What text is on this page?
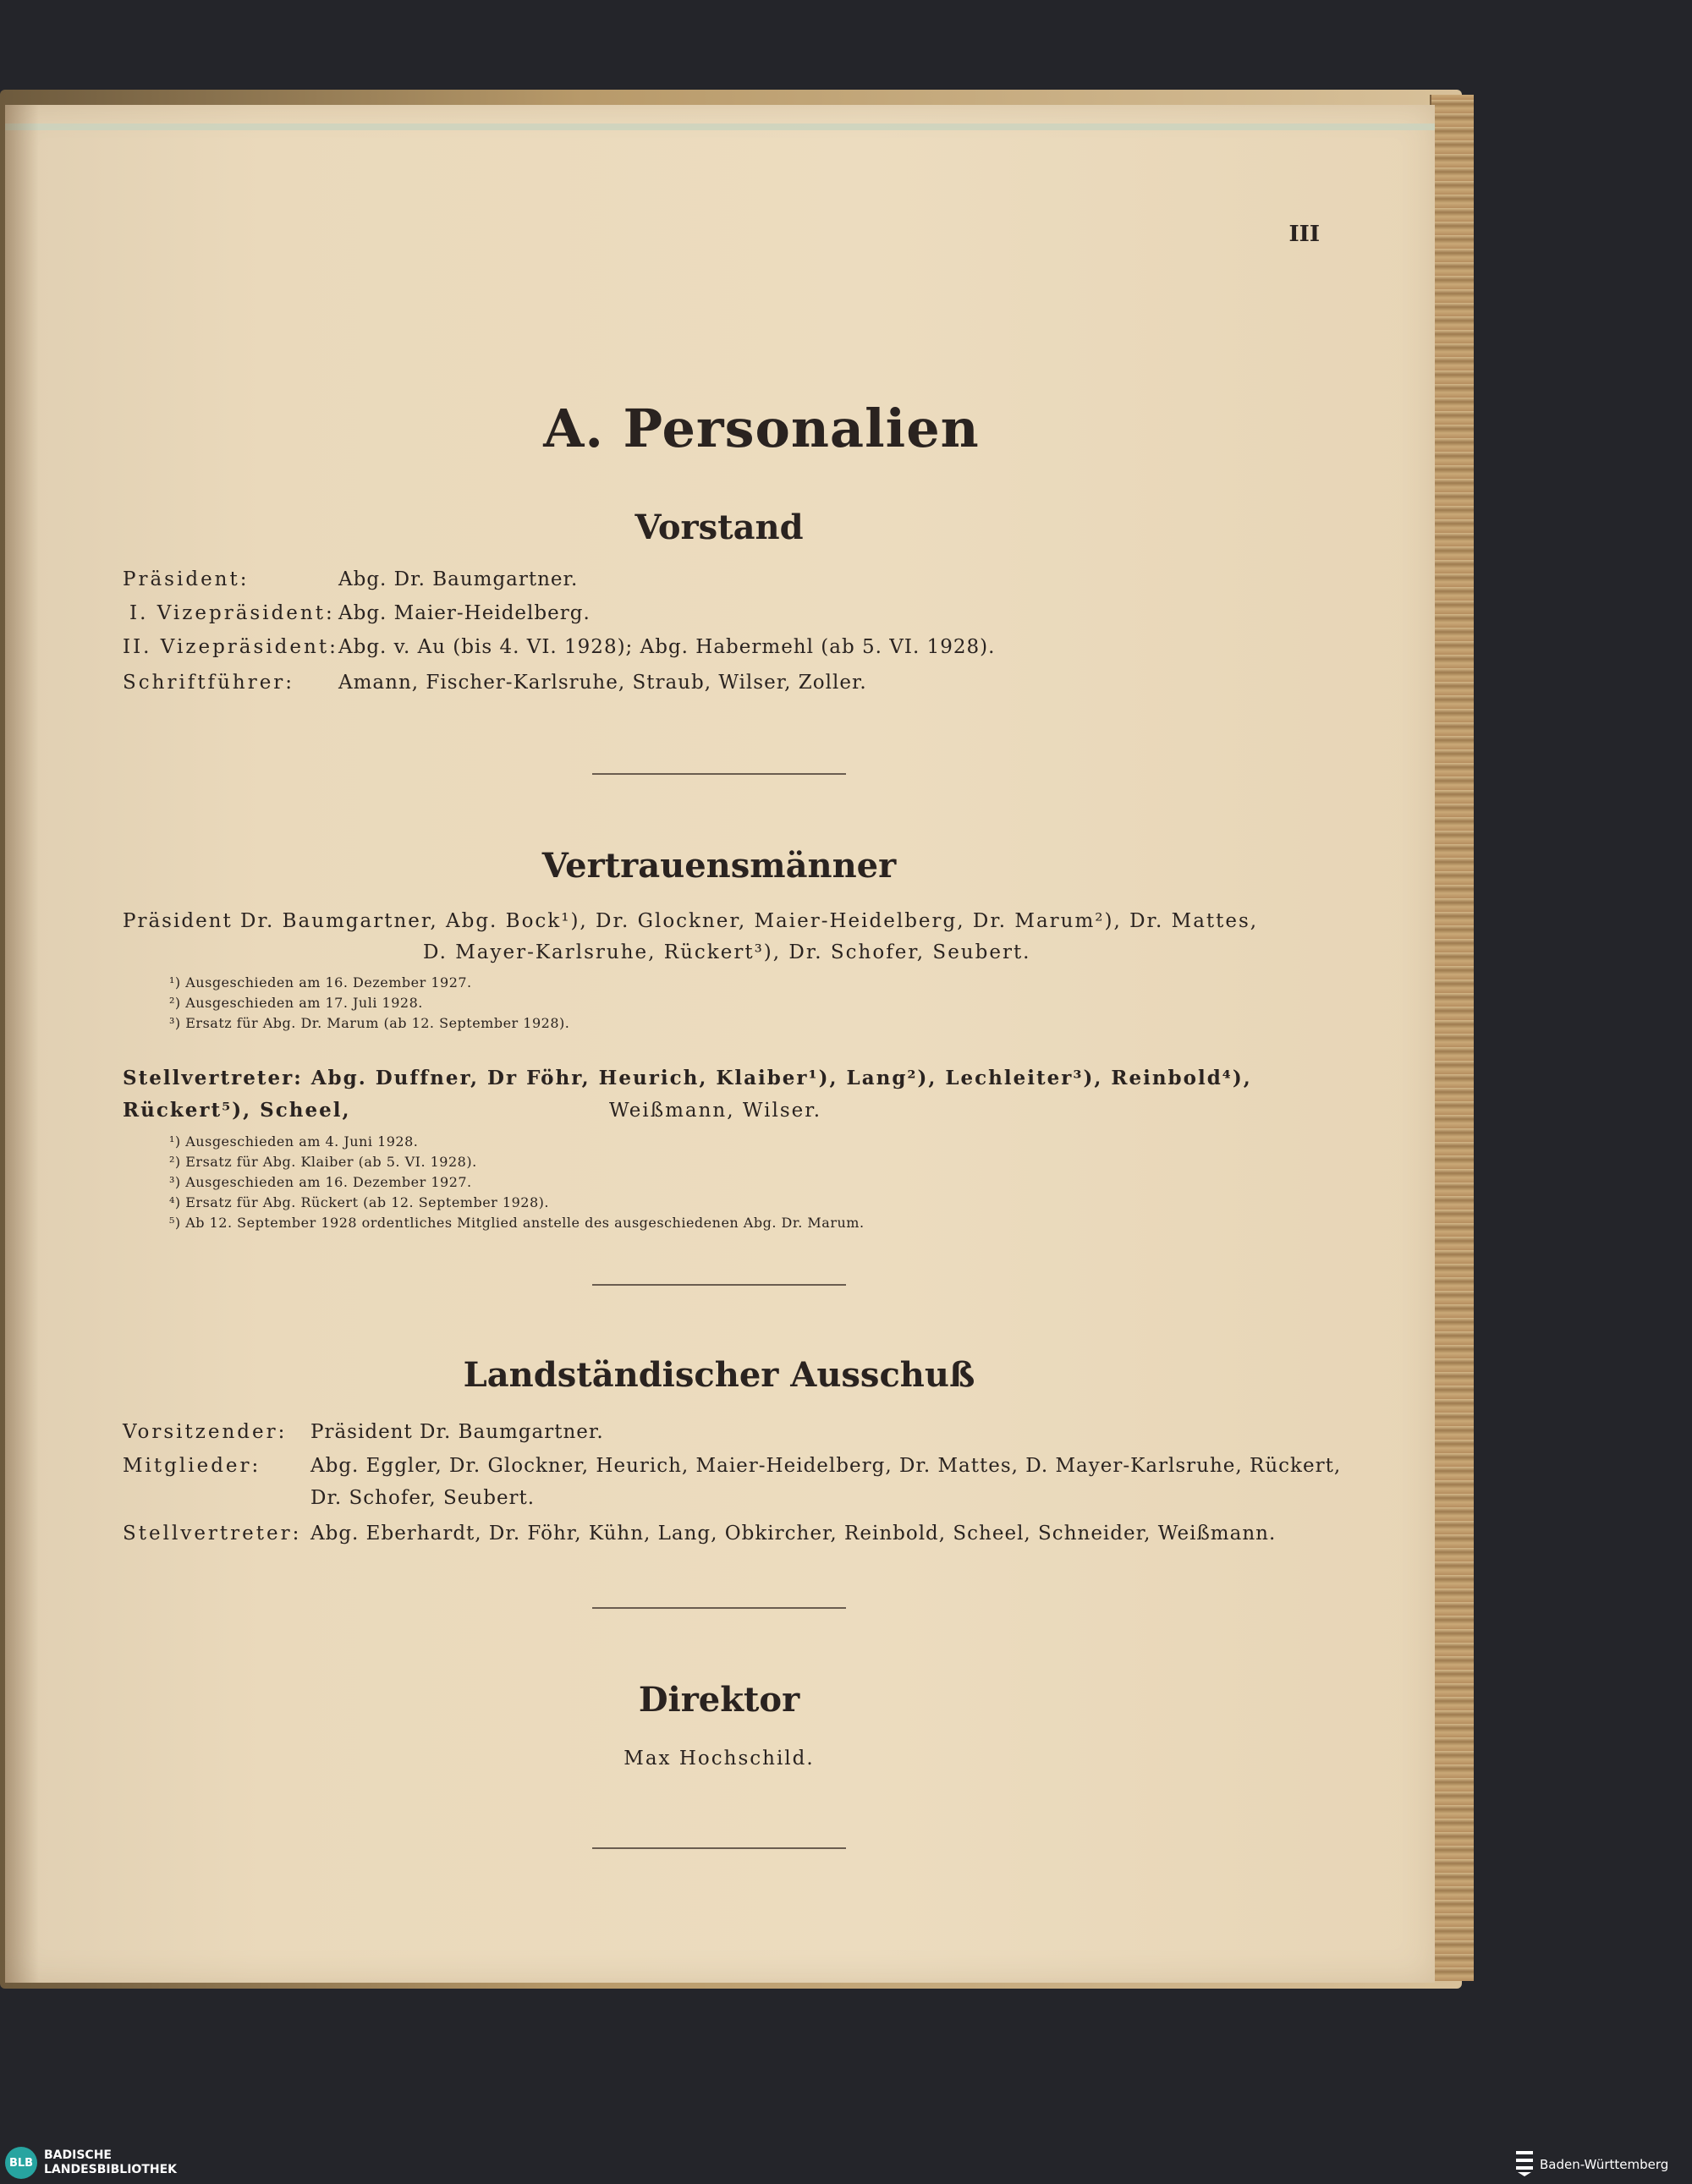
III
A. Personalien
Vorstand
Präsident:	Abg. Dr. Baumgartner.
I. Vizepräsident: Abg. Maier-Heidelberg.
II. Vizepräsident: Abg. v. Au (bis 4. VI. 1928); Abg. Habermehl (ab 5. VI. 1928).
Schriftführer: Amann, Fischer-Karlsruhe, Straub, Wilser, Zoller.
Vertrauensmänner
Präsident Dr. Baumgartner, Abg. Bock¹), Dr. Glockner, Maier-Heidelberg, Dr. Marum²), Dr. Mattes,
D. Mayer-Karlsruhe, Rückert³), Dr. Schofer, Seubert.
¹) Ausgeschieden am 16. Dezember 1927.
²) Ausgeschieden am 17. Juli 1928.
³) Ersatz für Abg. Dr. Marum (ab 12. September 1928).
Stellvertreter: Abg. Duffner, Dr Föhr, Heurich, Klaiber¹), Lang²), Lechleiter³), Reinbold⁴), Rückert⁵), Scheel,	Weißmann, Wilser.
¹) Ausgeschieden am 4. Juni 1928.
²) Ersatz für Abg. Klaiber (ab 5. VI. 1928).
³) Ausgeschieden am 16. Dezember 1927.
⁴) Ersatz für Abg. Rückert (ab 12. September 1928).
⁵) Ab 12. September 1928 ordentliches Mitglied anstelle des ausgeschiedenen Abg. Dr. Marum.
Landständischer Ausschuß
Vorsitzender: Präsident Dr. Baumgartner.
Mitglieder:	Abg. Eggler, Dr. Glockner, Heurich, Maier-Heidelberg, Dr. Mattes, D. Mayer-Karlsruhe, Rückert,
Dr. Schofer, Seubert.
Stellvertreter: Abg. Eberhardt, Dr. Föhr, Kühn, Lang, Obkircher, Reinbold, Scheel, Schneider, Weißmann.
Direktor
Max Hochschild.
BLB
BADISCHE
LANDESBIBLIOTHEK	Baden-Württemberg
